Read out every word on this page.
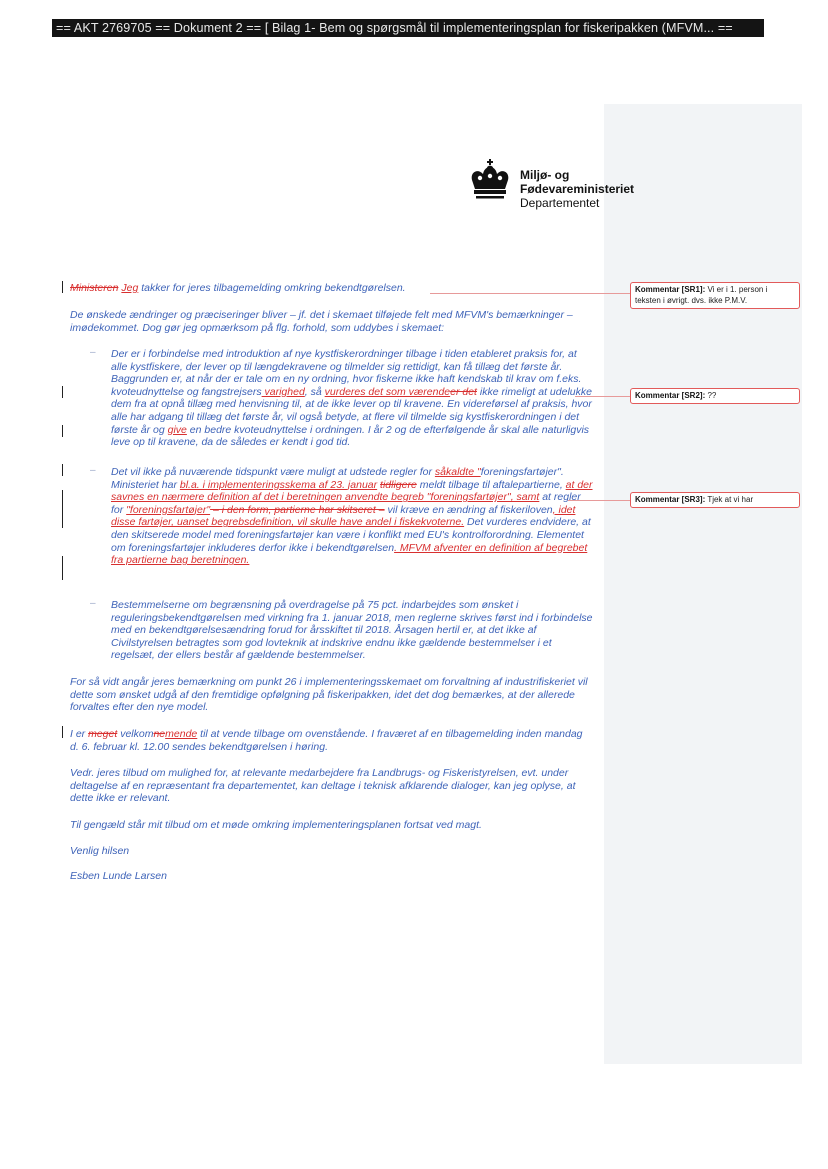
== AKT 2769705 == Dokument 2 == [ Bilag 1- Bem og spørgsmål til implementeringsplan for fiskeripakken (MFVM... ==
Miljø- og
Fødevareministeriet
Departementet
Kommentar [SR1]: Vi er i 1. person i teksten i øvrigt. dvs. ikke P.M.V.
Kommentar [SR2]: ??
Kommentar [SR3]: Tjek at vi har
Ministeren Jeg takker for jeres tilbagemelding omkring bekendtgørelsen.
De ønskede ændringer og præciseringer bliver – jf. det i skemaet tilføjede felt med MFVM's bemærkninger – imødekommet. Dog gør jeg opmærksom på flg. forhold, som uddybes i skemaet:
– Der er i forbindelse med introduktion af nye kystfiskerordninger tilbage i tiden etableret praksis for, at alle kystfiskere, der lever op til længdekravene og tilmelder sig rettidigt, kan få tillæg det første år. Baggrunden er, at når der er tale om en ny ordning, hvor fiskerne ikke haft kendskab til krav om f.eks. kvoteudnyttelse og fangstrejsers varighed, så vurderes det som værendeer det ikke rimeligt at udelukke dem fra at opnå tillæg med henvisning til, at de ikke lever op til kravene. En videreførsel af praksis, hvor alle har adgang til tillæg det første år, vil også betyde, at flere vil tilmelde sig kystfiskerordningen i det første år og give en bedre kvoteudnyttelse i ordningen. I år 2 og de efterfølgende år skal alle naturligvis leve op til kravene, da de således er kendt i god tid.
– Det vil ikke på nuværende tidspunkt være muligt at udstede regler for såkaldte "foreningsfartøjer". Ministeriet har bl.a. i implementeringsskema af 23. januar tidligere meldt tilbage til aftalepartierne, at der savnes en nærmere definition af det i beretningen anvendte begreb "foreningsfartøjer", samt at regler for "foreningsfartøjer" – i den form, partierne har skitseret – vil kræve en ændring af fiskeriloven, idet disse fartøjer, uanset begrebsdefinition, vil skulle have andel i fiskekvoterne. Det vurderes endvidere, at den skitserede model med foreningsfartøjer kan være i konflikt med EU's kontrolforordning. Elementet om foreningsfartøjer inkluderes derfor ikke i bekendtgørelsen. MFVM afventer en definition af begrebet fra partierne bag beretningen.
– Bestemmelserne om begrænsning på overdragelse på 75 pct. indarbejdes som ønsket i reguleringsbekendtgørelsen med virkning fra 1. januar 2018, men reglerne skrives først ind i forbindelse med en bekendtgørelsesændring forud for årsskiftet til 2018. Årsagen hertil er, at det ikke af Civilstyrelsen betragtes som god lovteknik at indskrive endnu ikke gældende bestemmelser i et regelsæt, der ellers består af gældende bestemmelser.
For så vidt angår jeres bemærkning om punkt 26 i implementeringsskemaet om forvaltning af industrifiskeriet vil dette som ønsket udgå af den fremtidige opfølgning på fiskeripakken, idet det dog bemærkes, at der allerede forvaltes efter den nye model.
I er meget velkomnemende til at vende tilbage om ovenstående. I fraværet af en tilbagemelding inden mandag d. 6. februar kl. 12.00 sendes bekendtgørelsen i høring.
Vedr. jeres tilbud om mulighed for, at relevante medarbejdere fra Landbrugs- og Fiskeristyrelsen, evt. under deltagelse af en repræsentant fra departementet, kan deltage i teknisk afklarende dialoger, kan jeg oplyse, at dette ikke er relevant.
Til gengæld står mit tilbud om et møde omkring implementeringsplanen fortsat ved magt.
Venlig hilsen
Esben Lunde Larsen
